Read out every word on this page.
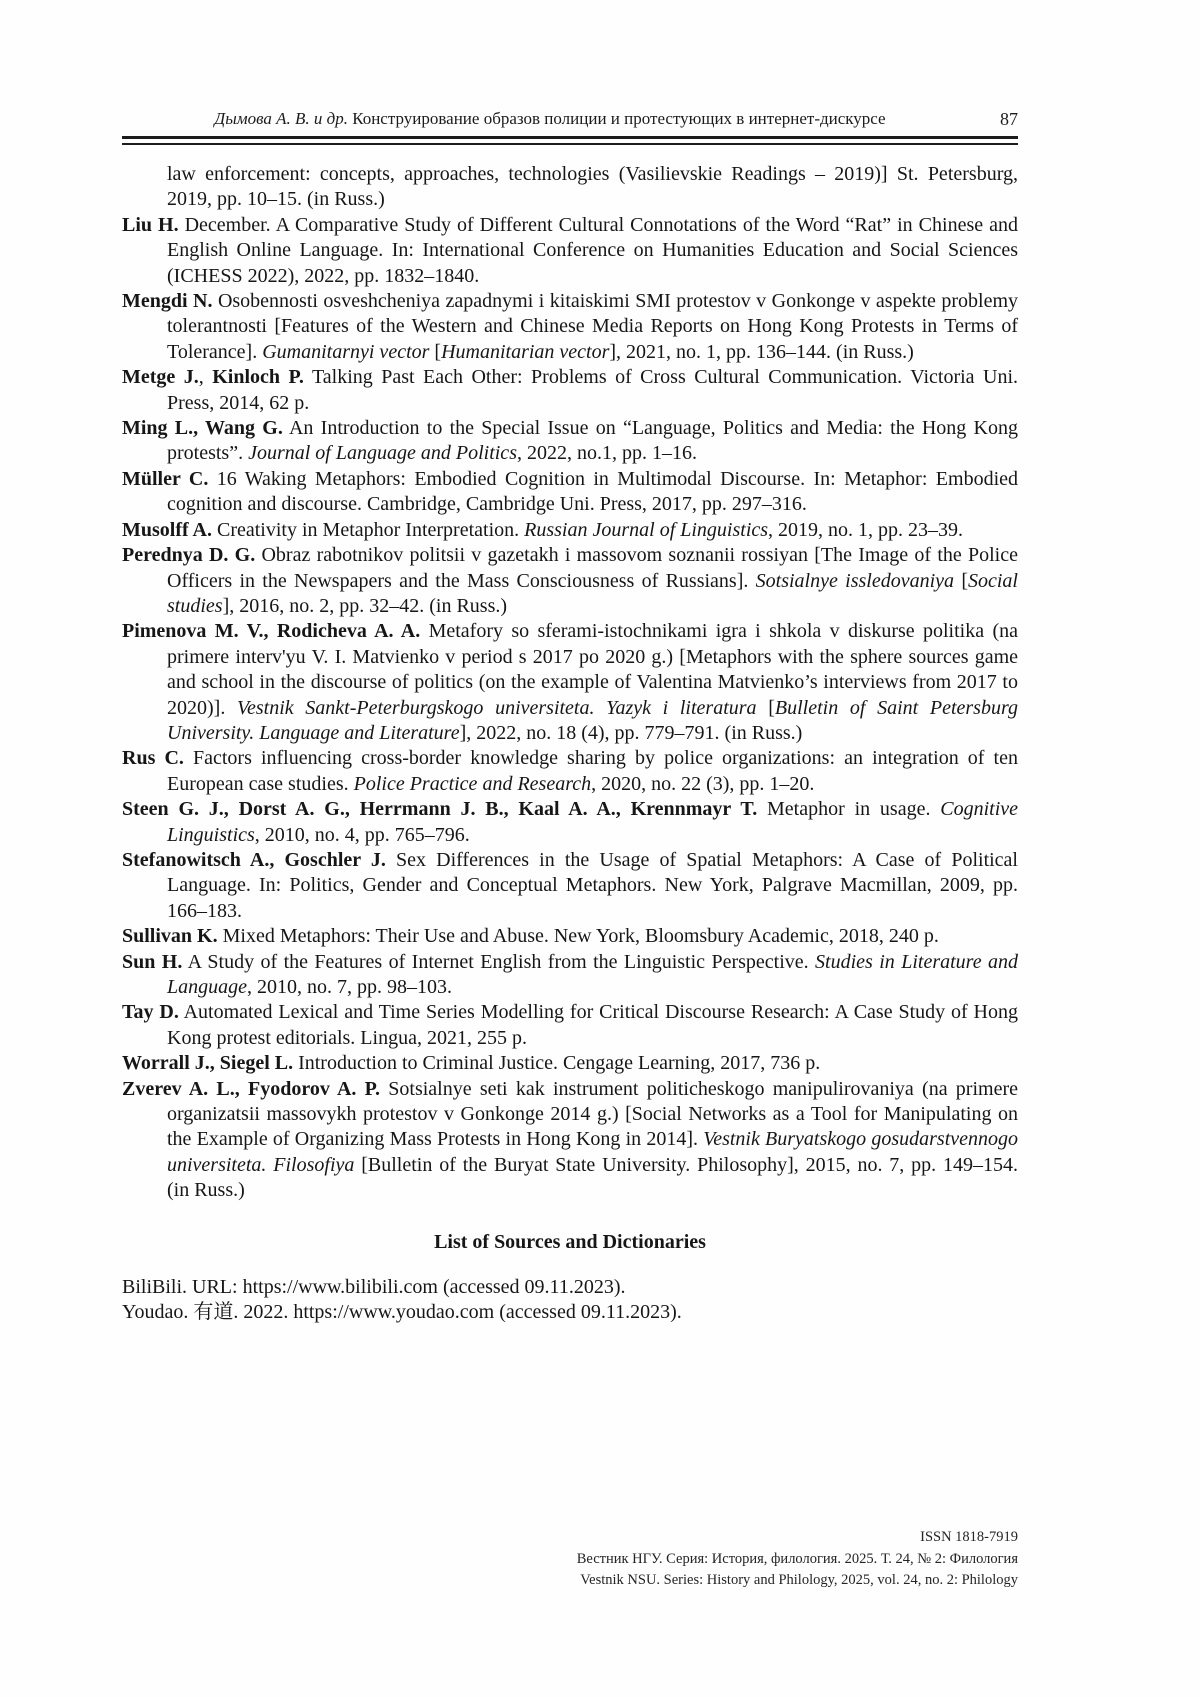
Дымова А. В. и др. Конструирование образов полиции и протестующих в интернет-дискурсе	87

law enforcement: concepts, approaches, technologies (Vasilievskie Readings – 2019)] St. Petersburg, 2019, pp. 10–15. (in Russ.)

Liu H. December. A Comparative Study of Different Cultural Connotations of the Word “Rat” in Chinese and English Online Language. In: International Conference on Humanities Education and Social Sciences (ICHESS 2022), 2022, pp. 1832–1840.

Mengdi N. Osobennosti osveshcheniya zapadnymi i kitaiskimi SMI protestov v Gonkonge v aspekte problemy tolerantnosti [Features of the Western and Chinese Media Reports on Hong Kong Protests in Terms of Tolerance]. Gumanitarnyi vector [Humanitarian vector], 2021, no. 1, pp. 136–144. (in Russ.)

Metge J., Kinloch P. Talking Past Each Other: Problems of Cross Cultural Communication. Victoria Uni. Press, 2014, 62 p.

Ming L., Wang G. An Introduction to the Special Issue on “Language, Politics and Media: the Hong Kong protests”. Journal of Language and Politics, 2022, no.1, pp. 1–16.

Müller C. 16 Waking Metaphors: Embodied Cognition in Multimodal Discourse. In: Metaphor: Embodied cognition and discourse. Cambridge, Cambridge Uni. Press, 2017, pp. 297–316.

Musolff A. Creativity in Metaphor Interpretation. Russian Journal of Linguistics, 2019, no. 1, pp. 23–39.

Perednya D. G. Obraz rabotnikov politsii v gazetakh i massovom soznanii rossiyan [The Image of the Police Officers in the Newspapers and the Mass Consciousness of Russians]. Sotsialnye issledovaniya [Social studies], 2016, no. 2, pp. 32–42. (in Russ.)

Pimenova M. V., Rodicheva A. A. Metafory so sferami-istochnikami igra i shkola v diskurse politika (na primere interv'yu V. I. Matvienko v period s 2017 po 2020 g.) [Metaphors with the sphere sources game and school in the discourse of politics (on the example of Valentina Matvienko’s interviews from 2017 to 2020)]. Vestnik Sankt-Peterburgskogo universiteta. Yazyk i literatura [Bulletin of Saint Petersburg University. Language and Literature], 2022, no. 18 (4), pp. 779–791. (in Russ.)

Rus C. Factors influencing cross-border knowledge sharing by police organizations: an integration of ten European case studies. Police Practice and Research, 2020, no. 22 (3), pp. 1–20.

Steen G. J., Dorst A. G., Herrmann J. B., Kaal A. A., Krennmayr T. Metaphor in usage. Cognitive Linguistics, 2010, no. 4, pp. 765–796.

Stefanowitsch A., Goschler J. Sex Differences in the Usage of Spatial Metaphors: A Case of Political Language. In: Politics, Gender and Conceptual Metaphors. New York, Palgrave Macmillan, 2009, pp. 166–183.

Sullivan K. Mixed Metaphors: Their Use and Abuse. New York, Bloomsbury Academic, 2018, 240 p.

Sun H. A Study of the Features of Internet English from the Linguistic Perspective. Studies in Literature and Language, 2010, no. 7, pp. 98–103.

Tay D. Automated Lexical and Time Series Modelling for Critical Discourse Research: A Case Study of Hong Kong protest editorials. Lingua, 2021, 255 p.

Worrall J., Siegel L. Introduction to Criminal Justice. Cengage Learning, 2017, 736 p.

Zverev A. L., Fyodorov A. P. Sotsialnye seti kak instrument politicheskogo manipulirovaniya (na primere organizatsii massovykh protestov v Gonkonge 2014 g.) [Social Networks as a Tool for Manipulating on the Example of Organizing Mass Protests in Hong Kong in 2014]. Vestnik Buryatskogo gosudarstvennogo universiteta. Filosofiya [Bulletin of the Buryat State University. Philosophy], 2015, no. 7, pp. 149–154. (in Russ.)

List of Sources and Dictionaries

BiliBili. URL: https://www.bilibili.com (accessed 09.11.2023).

Youdao. 有道. 2022. https://www.youdao.com (accessed 09.11.2023).

ISSN 1818-7919
Вестник НГУ. Серия: История, филология. 2025. Т. 24, № 2: Филология
Vestnik NSU. Series: History and Philology, 2025, vol. 24, no. 2: Philology
